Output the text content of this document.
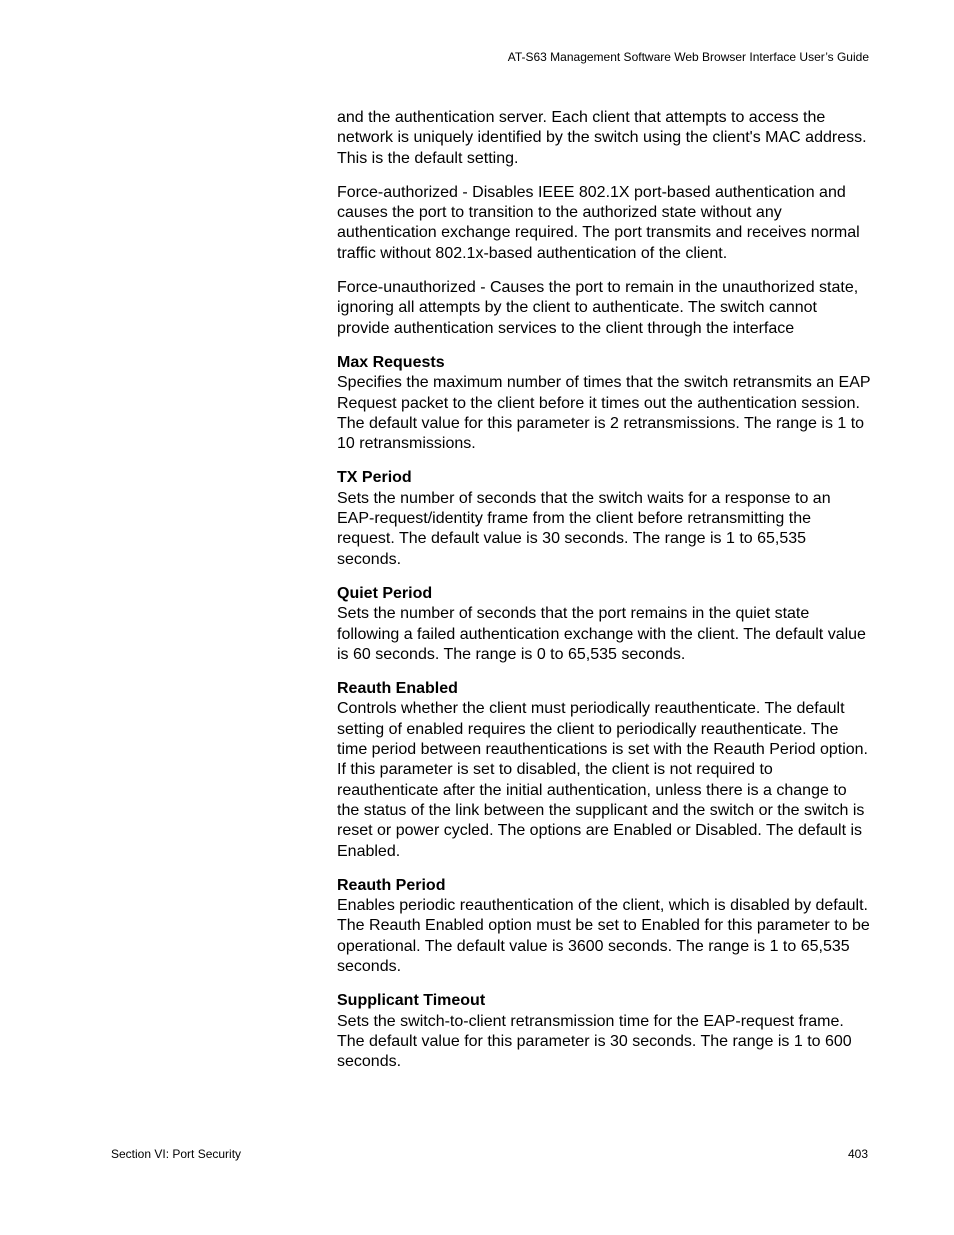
AT-S63 Management Software Web Browser Interface User’s Guide

and the authentication server. Each client that attempts to access the network is uniquely identified by the switch using the client's MAC address. This is the default setting.

Force-authorized - Disables IEEE 802.1X port-based authentication and causes the port to transition to the authorized state without any authentication exchange required. The port transmits and receives normal traffic without 802.1x-based authentication of the client.

Force-unauthorized - Causes the port to remain in the unauthorized state, ignoring all attempts by the client to authenticate. The switch cannot provide authentication services to the client through the interface

Max Requests
Specifies the maximum number of times that the switch retransmits an EAP Request packet to the client before it times out the authentication session. The default value for this parameter is 2 retransmissions. The range is 1 to 10 retransmissions.
TX Period
Sets the number of seconds that the switch waits for a response to an EAP-request/identity frame from the client before retransmitting the request. The default value is 30 seconds. The range is 1 to 65,535 seconds.
Quiet Period
Sets the number of seconds that the port remains in the quiet state following a failed authentication exchange with the client. The default value is 60 seconds. The range is 0 to 65,535 seconds.
Reauth Enabled
Controls whether the client must periodically reauthenticate. The default setting of enabled requires the client to periodically reauthenticate. The time period between reauthentications is set with the Reauth Period option. If this parameter is set to disabled, the client is not required to reauthenticate after the initial authentication, unless there is a change to the status of the link between the supplicant and the switch or the switch is reset or power cycled. The options are Enabled or Disabled. The default is Enabled.
Reauth Period
Enables periodic reauthentication of the client, which is disabled by default. The Reauth Enabled option must be set to Enabled for this parameter to be operational. The default value is 3600 seconds. The range is 1 to 65,535 seconds.
Supplicant Timeout
Sets the switch-to-client retransmission time for the EAP-request frame. The default value for this parameter is 30 seconds. The range is 1 to 600 seconds.
Section VI: Port Security	403
